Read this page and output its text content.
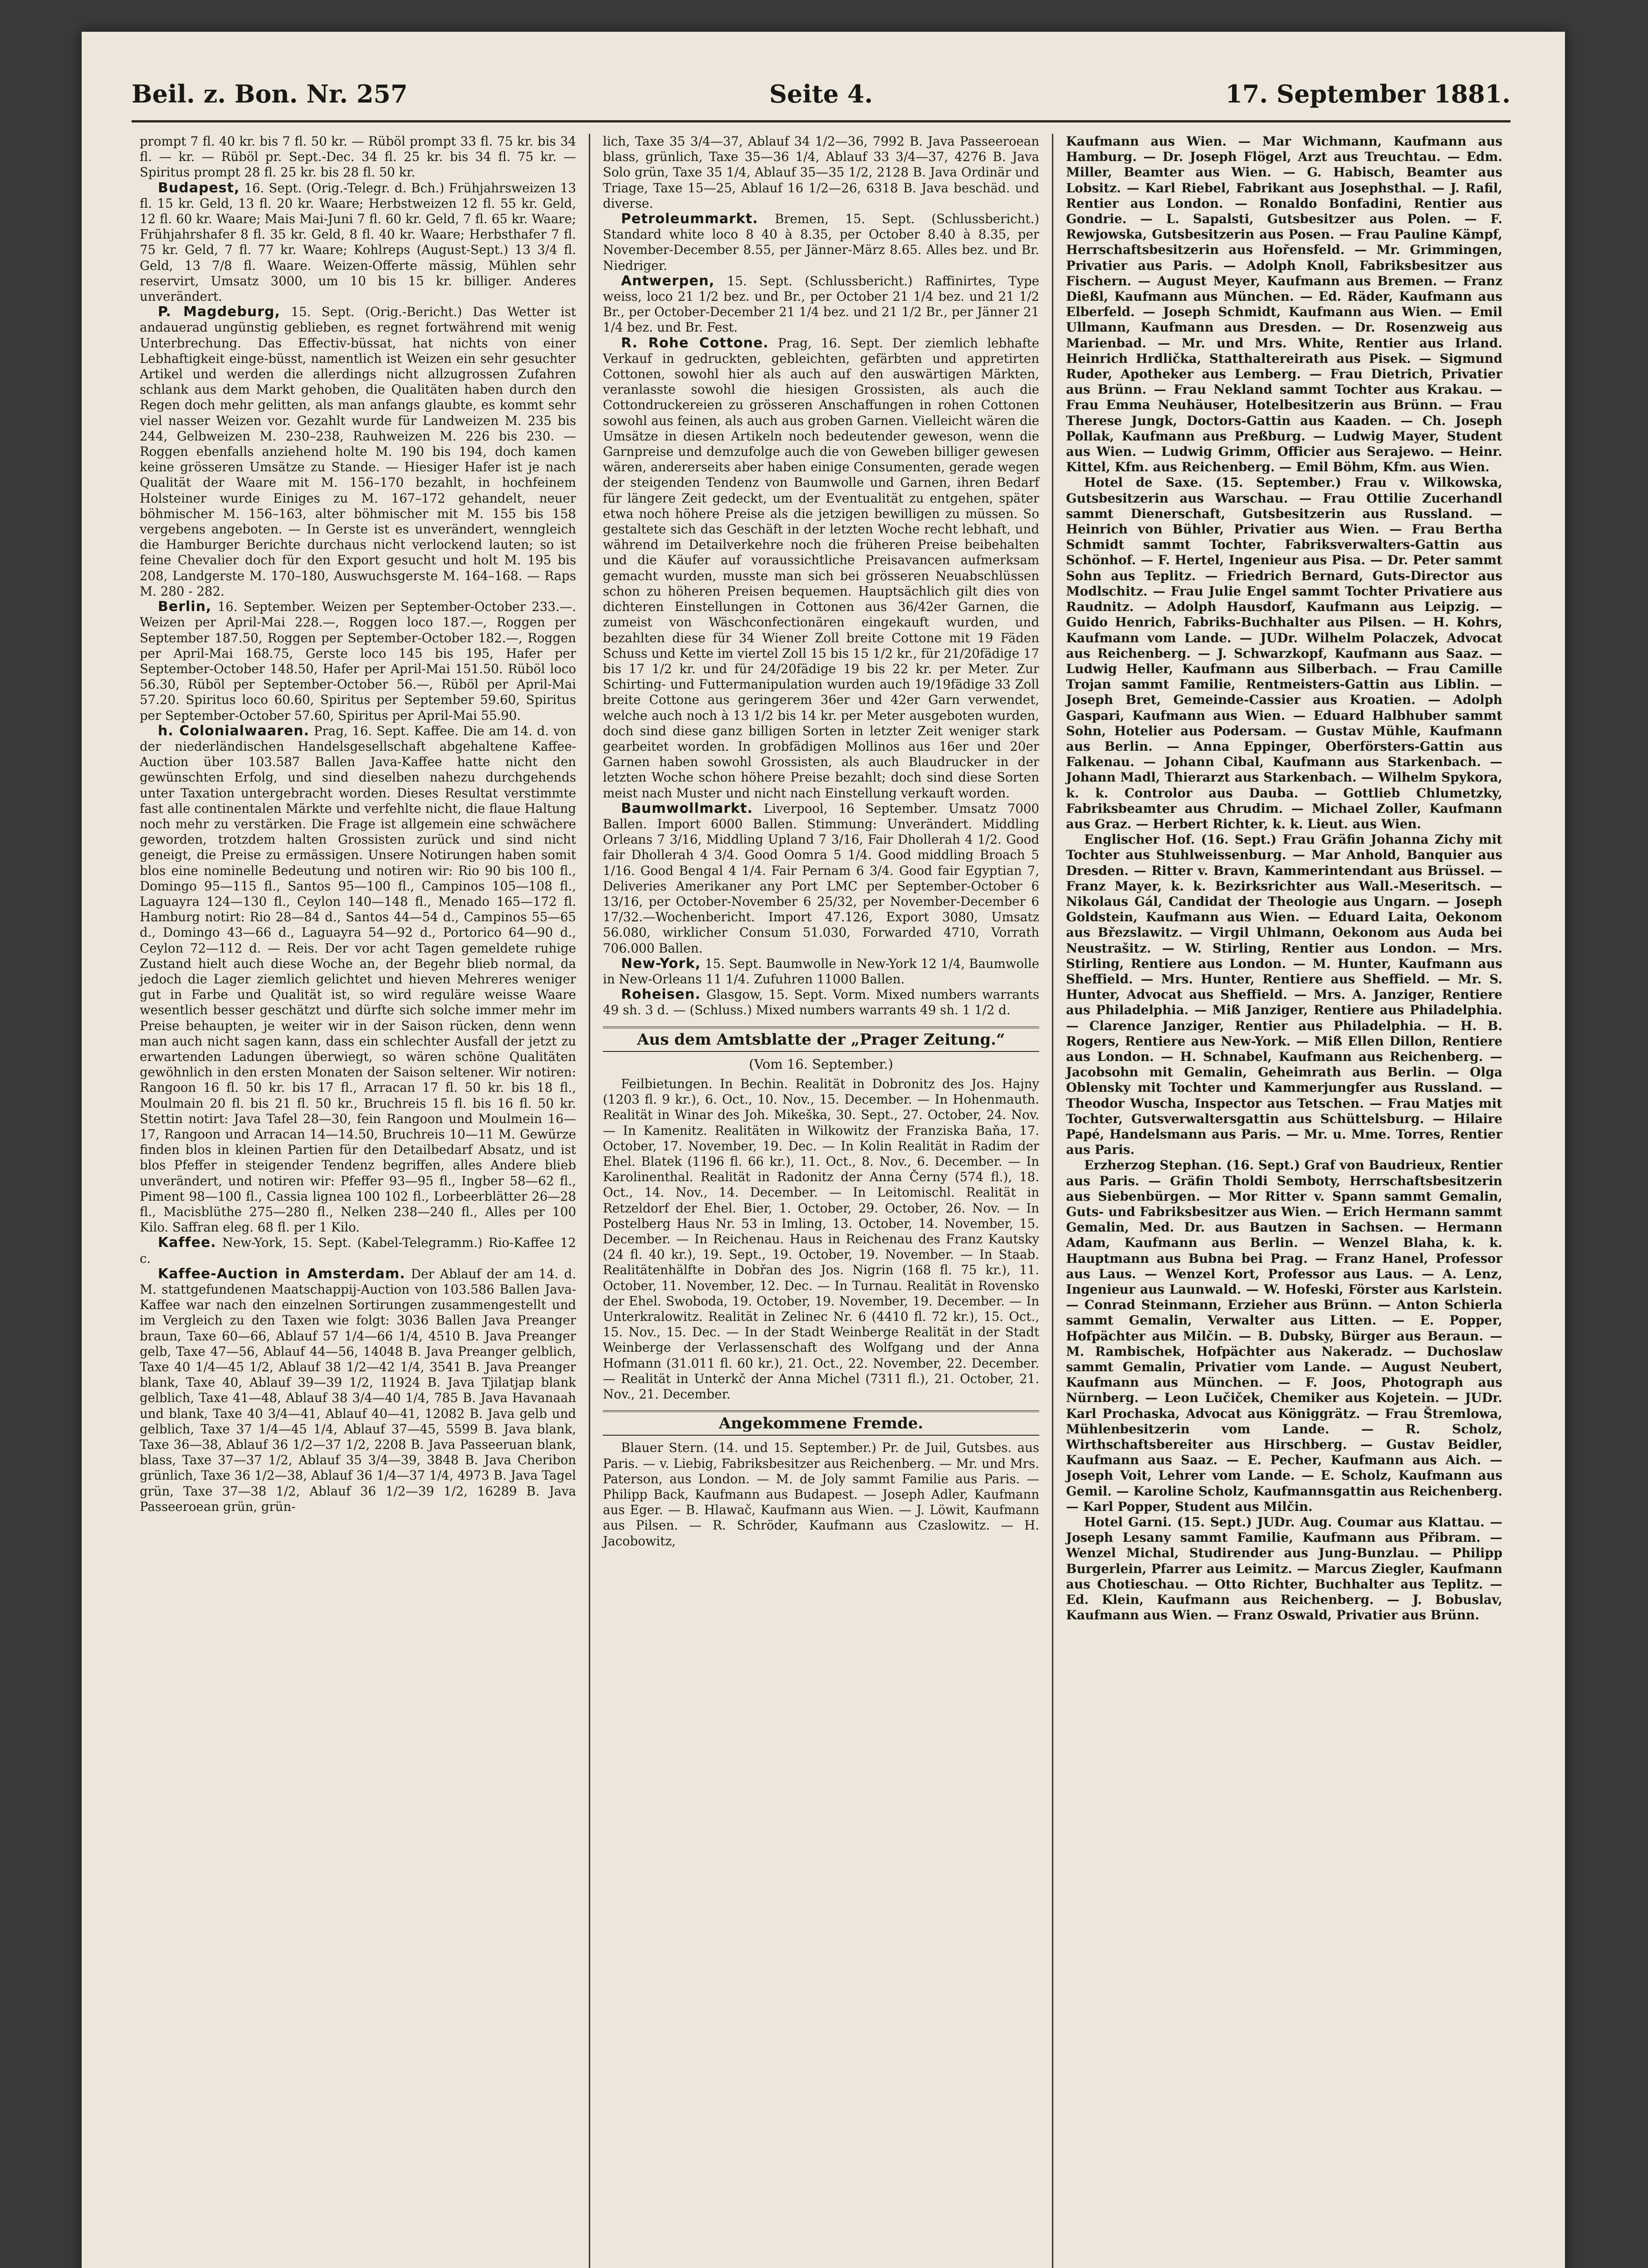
Beil. z. Bon. Nr. 257	Seite 4.	17. September 1881.

prompt 7 fl. 40 kr. bis 7 fl. 50 kr. — Rüböl prompt 33 fl. 75 kr. bis 34 fl. — kr. — Rüböl pr. Sept.-Dec. 34 fl. 25 kr. bis 34 fl. 75 kr. — Spiritus prompt 28 fl. 25 kr. bis 28 fl. 50 kr.

Budapest, 16. Sept. (Orig.-Telegr. d. Bch.) Frühjahrsweizen 13 fl. 15 kr. Geld, 13 fl. 20 kr. Waare; Herbstweizen 12 fl. 55 kr. Geld, 12 fl. 60 kr. Waare; Mais Mai-Juni 7 fl. 60 kr. Geld, 7 fl. 65 kr. Waare; Frühjahrshafer 8 fl. 35 kr. Geld, 8 fl. 40 kr. Waare; Herbsthafer 7 fl. 75 kr. Geld, 7 fl. 77 kr. Waare; Kohlreps (August-Sept.) 13 3/4 fl. Geld, 13 7/8 fl. Waare. Weizen-Offerte mässig, Mühlen sehr reservirt, Umsatz 3000, um 10 bis 15 kr. billiger. Anderes unverändert.

P. Magdeburg, 15. Sept. (Orig.-Bericht.) Das Wetter ist andauerad ungünstig geblieben, es regnet fortwährend mit wenig Unterbrechung. Das Effectiv-büssat, hat nichts von einer Lebhaftigkeit einge-büsst, namentlich ist Weizen ein sehr gesuchter Artikel und werden die allerdings nicht allzugrossen Zufahren schlank aus dem Markt gehoben, die Qualitäten haben durch den Regen doch mehr gelitten, als man anfangs glaubte, es kommt sehr viel nasser Weizen vor. Gezahlt wurde für Landweizen M. 235 bis 244, Gelbweizen M. 230–238, Rauhweizen M. 226 bis 230. — Roggen ebenfalls anziehend holte M. 190 bis 194, doch kamen keine grösseren Umsätze zu Stande. — Hiesiger Hafer ist je nach Qualität der Waare mit M. 156–170 bezahlt, in hochfeinem Holsteiner wurde Einiges zu M. 167–172 gehandelt, neuer böhmischer M. 156–163, alter böhmischer mit M. 155 bis 158 vergebens angeboten. — In Gerste ist es unverändert, wenngleich die Hamburger Berichte durchaus nicht verlockend lauten; so ist feine Chevalier doch für den Export gesucht und holt M. 195 bis 208, Landgerste M. 170–180, Auswuchsgerste M. 164–168. — Raps M. 280 - 282.

Berlin, 16. September. Weizen per September-October 233.—. Weizen per April-Mai 228.—, Roggen loco 187.—, Roggen per September 187.50, Roggen per September-October 182.—, Roggen per April-Mai 168.75, Gerste loco 145 bis 195, Hafer per September-October 148.50, Hafer per April-Mai 151.50. Rüböl loco 56.30, Rüböl per September-October 56.—, Rüböl per April-Mai 57.20. Spiritus loco 60.60, Spiritus per September 59.60, Spiritus per September-October 57.60, Spiritus per April-Mai 55.90.

h. Colonialwaaren. Prag, 16. Sept. Kaffee. Die am 14. d. von der niederländischen Handelsgesellschaft abgehaltene Kaffee-Auction über 103.587 Ballen Java-Kaffee hatte nicht den gewünschten Erfolg, und sind dieselben nahezu durchgehends unter Taxation untergebracht worden. Dieses Resultat verstimmte fast alle continentalen Märkte und verfehlte nicht, die flaue Haltung noch mehr zu verstärken. Die Frage ist allgemein eine schwächere geworden, trotzdem halten Grossisten zurück und sind nicht geneigt, die Preise zu ermässigen. Unsere Notirungen haben somit blos eine nominelle Bedeutung und notiren wir: Rio 90 bis 100 fl., Domingo 95—115 fl., Santos 95—100 fl., Campinos 105—108 fl., Laguayra 124—130 fl., Ceylon 140—148 fl., Menado 165—172 fl. Hamburg notirt: Rio 28—84 d., Santos 44—54 d., Campinos 55—65 d., Domingo 43—66 d., Laguayra 54—92 d., Portorico 64—90 d., Ceylon 72—112 d. — Reis. Der vor acht Tagen gemeldete ruhige Zustand hielt auch diese Woche an, der Begehr blieb normal, da jedoch die Lager ziemlich gelichtet und hieven Mehreres weniger gut in Farbe und Qualität ist, so wird reguläre weisse Waare wesentlich besser geschätzt und dürfte sich solche immer mehr im Preise behaupten, je weiter wir in der Saison rücken, denn wenn man auch nicht sagen kann, dass ein schlechter Ausfall der jetzt zu erwartenden Ladungen überwiegt, so wären schöne Qualitäten gewöhnlich in den ersten Monaten der Saison seltener. Wir notiren: Rangoon 16 fl. 50 kr. bis 17 fl., Arracan 17 fl. 50 kr. bis 18 fl., Moulmain 20 fl. bis 21 fl. 50 kr., Bruchreis 15 fl. bis 16 fl. 50 kr. Stettin notirt: Java Tafel 28—30, fein Rangoon und Moulmein 16—17, Rangoon und Arracan 14—14.50, Bruchreis 10—11 M. Gewürze finden blos in kleinen Partien für den Detailbedarf Absatz, und ist blos Pfeffer in steigender Tendenz begriffen, alles Andere blieb unverändert, und notiren wir: Pfeffer 93—95 fl., Ingber 58—62 fl., Piment 98—100 fl., Cassia lignea 100 102 fl., Lorbeerblätter 26—28 fl., Macisblüthe 275—280 fl., Nelken 238—240 fl., Alles per 100 Kilo. Saffran eleg. 68 fl. per 1 Kilo.

Kaffee. New-York, 15. Sept. (Kabel-Telegramm.) Rio-Kaffee 12 c.

Kaffee-Auction in Amsterdam. Der Ablauf der am 14. d. M. stattgefundenen Maatschappij-Auction von 103.586 Ballen Java-Kaffee war nach den einzelnen Sortirungen zusammengestellt und im Vergleich zu den Taxen wie folgt: 3036 Ballen Java Preanger braun, Taxe 60—66, Ablauf 57 1/4—66 1/4, 4510 B. Java Preanger gelb, Taxe 47—56, Ablauf 44—56, 14048 B. Java Preanger gelblich, Taxe 40 1/4—45 1/2, Ablauf 38 1/2—42 1/4, 3541 B. Java Preanger blank, Taxe 40, Ablauf 39—39 1/2, 11924 B. Java Tjilatjap blank gelblich, Taxe 41—48, Ablauf 38 3/4—40 1/4, 785 B. Java Havanaah und blank, Taxe 40 3/4—41, Ablauf 40—41, 12082 B. Java gelb und gelblich, Taxe 37 1/4—45 1/4, Ablauf 37—45, 5599 B. Java blank, Taxe 36—38, Ablauf 36 1/2—37 1/2, 2208 B. Java Passeeruan blank, blass, Taxe 37—37 1/2, Ablauf 35 3/4—39, 3848 B. Java Cheribon grünlich, Taxe 36 1/2—38, Ablauf 36 1/4—37 1/4, 4973 B. Java Tagel grün, Taxe 37—38 1/2, Ablauf 36 1/2—39 1/2, 16289 B. Java Passeeroean grün, grün-

lich, Taxe 35 3/4—37, Ablauf 34 1/2—36, 7992 B. Java Passeeroean blass, grünlich, Taxe 35—36 1/4, Ablauf 33 3/4—37, 4276 B. Java Solo grün, Taxe 35 1/4, Ablauf 35—35 1/2, 2128 B. Java Ordinär und Triage, Taxe 15—25, Ablauf 16 1/2—26, 6318 B. Java beschäd. und diverse.

Petroleummarkt. Bremen, 15. Sept. (Schlussbericht.) Standard white loco 8 40 à 8.35, per October 8.40 à 8.35, per November-December 8.55, per Jänner-März 8.65. Alles bez. und Br. Niedriger.

Antwerpen, 15. Sept. (Schlussbericht.) Raffinirtes, Type weiss, loco 21 1/2 bez. und Br., per October 21 1/4 bez. und 21 1/2 Br., per October-December 21 1/4 bez. und 21 1/2 Br., per Jänner 21 1/4 bez. und Br. Fest.

R. Rohe Cottone. Prag, 16. Sept. Der ziemlich lebhafte Verkauf in gedruckten, gebleichten, gefärbten und appretirten Cottonen, sowohl hier als auch auf den auswärtigen Märkten, veranlasste sowohl die hiesigen Grossisten, als auch die Cottondruckereien zu grösseren Anschaffungen in rohen Cottonen sowohl aus feinen, als auch aus groben Garnen. Vielleicht wären die Umsätze in diesen Artikeln noch bedeutender geweson, wenn die Garnpreise und demzufolge auch die von Geweben billiger gewesen wären, andererseits aber haben einige Consumenten, gerade wegen der steigenden Tendenz von Baumwolle und Garnen, ihren Bedarf für längere Zeit gedeckt, um der Eventualität zu entgehen, später etwa noch höhere Preise als die jetzigen bewilligen zu müssen. So gestaltete sich das Geschäft in der letzten Woche recht lebhaft, und während im Detailverkehre noch die früheren Preise beibehalten und die Käufer auf voraussichtliche Preisavancen aufmerksam gemacht wurden, musste man sich bei grösseren Neuabschlüssen schon zu höheren Preisen bequemen. Hauptsächlich gilt dies von dichteren Einstellungen in Cottonen aus 36/42er Garnen, die zumeist von Wäschconfectionären eingekauft wurden, und bezahlten diese für 34 Wiener Zoll breite Cottone mit 19 Fäden Schuss und Kette im viertel Zoll 15 bis 15 1/2 kr., für 21/20fädige 17 bis 17 1/2 kr. und für 24/20fädige 19 bis 22 kr. per Meter. Zur Schirting- und Futtermanipulation wurden auch 19/19fädige 33 Zoll breite Cottone aus geringerem 36er und 42er Garn verwendet, welche auch noch à 13 1/2 bis 14 kr. per Meter ausgeboten wurden, doch sind diese ganz billigen Sorten in letzter Zeit weniger stark gearbeitet worden. In grobfädigen Mollinos aus 16er und 20er Garnen haben sowohl Grossisten, als auch Blaudrucker in der letzten Woche schon höhere Preise bezahlt; doch sind diese Sorten meist nach Muster und nicht nach Einstellung verkauft worden.

Baumwollmarkt. Liverpool, 16 September. Umsatz 7000 Ballen. Import 6000 Ballen. Stimmung: Unverändert. Middling Orleans 7 3/16, Middling Upland 7 3/16, Fair Dhollerah 4 1/2. Good fair Dhollerah 4 3/4. Good Oomra 5 1/4. Good middling Broach 5 1/16. Good Bengal 4 1/4. Fair Pernam 6 3/4. Good fair Egyptian 7, Deliveries Amerikaner any Port LMC per September-October 6 13/16, per October-November 6 25/32, per November-December 6 17/32.—Wochenbericht. Import 47.126, Export 3080, Umsatz 56.080, wirklicher Consum 51.030, Forwarded 4710, Vorrath 706.000 Ballen.

New-York, 15. Sept. Baumwolle in New-York 12 1/4, Baumwolle in New-Orleans 11 1/4. Zufuhren 11000 Ballen.

Roheisen. Glasgow, 15. Sept. Vorm. Mixed numbers warrants 49 sh. 3 d. — (Schluss.) Mixed numbers warrants 49 sh. 1 1/2 d.

Aus dem Amtsblatte der „Prager Zeitung.“
(Vom 16. September.)

Feilbietungen. In Bechin. Realität in Dobronitz des Jos. Hajny (1203 fl. 9 kr.), 6. Oct., 10. Nov., 15. December. — In Hohenmauth. Realität in Winar des Joh. Mikeška, 30. Sept., 27. October, 24. Nov. — In Kamenitz. Realitäten in Wilkowitz der Franziska Baňa, 17. October, 17. November, 19. Dec. — In Kolin Realität in Radim der Ehel. Blatek (1196 fl. 66 kr.), 11. Oct., 8. Nov., 6. December. — In Karolinenthal. Realität in Radonitz der Anna Černy (574 fl.), 18. Oct., 14. Nov., 14. December. — In Leitomischl. Realität in Retzeldorf der Ehel. Bier, 1. October, 29. October, 26. Nov. — In Postelberg Haus Nr. 53 in Imling, 13. October, 14. November, 15. December. — In Reichenau. Haus in Reichenau des Franz Kautsky (24 fl. 40 kr.), 19. Sept., 19. October, 19. November. — In Staab. Realitätenhälfte in Dobřan des Jos. Nigrin (168 fl. 75 kr.), 11. October, 11. November, 12. Dec. — In Turnau. Realität in Rovensko der Ehel. Swoboda, 19. October, 19. November, 19. December. — In Unterkralowitz. Realität in Zelinec Nr. 6 (4410 fl. 72 kr.), 15. Oct., 15. Nov., 15. Dec. — In der Stadt Weinberge Realität in der Stadt Weinberge der Verlassenschaft des Wolfgang und der Anna Hofmann (31.011 fl. 60 kr.), 21. Oct., 22. November, 22. December. — Realität in Unterkč der Anna Michel (7311 fl.), 21. October, 21. Nov., 21. December.

Angekommene Fremde.

Blauer Stern. (14. und 15. September.) Pr. de Juil, Gutsbes. aus Paris. — v. Liebig, Fabriksbesitzer aus Reichenberg. — Mr. und Mrs. Paterson, aus London. — M. de Joly sammt Familie aus Paris. — Philipp Back, Kaufmann aus Budapest. — Joseph Adler, Kaufmann aus Eger. — B. Hlawač, Kaufmann aus Wien. — J. Löwit, Kaufmann aus Pilsen. — R. Schröder, Kaufmann aus Czaslowitz. — H. Jacobowitz,

Kaufmann aus Wien. — Mar Wichmann, Kaufmann aus Hamburg. — Dr. Joseph Flögel, Arzt aus Treuchtau. — Edm. Miller, Beamter aus Wien. — G. Habisch, Beamter aus Lobsitz. — Karl Riebel, Fabrikant aus Josephsthal. — J. Rafil, Rentier aus London. — Ronaldo Bonfadini, Rentier aus Gondrie. — L. Sapalsti, Gutsbesitzer aus Polen. — F. Rewjowska, Gutsbesitzerin aus Posen. — Frau Pauline Kämpf, Herrschaftsbesitzerin aus Hořensfeld. — Mr. Grimmingen, Privatier aus Paris. — Adolph Knoll, Fabriksbesitzer aus Fischern. — August Meyer, Kaufmann aus Bremen. — Franz Dießl, Kaufmann aus München. — Ed. Räder, Kaufmann aus Elberfeld. — Joseph Schmidt, Kaufmann aus Wien. — Emil Ullmann, Kaufmann aus Dresden. — Dr. Rosenzweig aus Marienbad. — Mr. und Mrs. White, Rentier aus Irland. Heinrich Hrdlička, Statthaltereirath aus Pisek. — Sigmund Ruder, Apotheker aus Lemberg. — Frau Dietrich, Privatier aus Brünn. — Frau Nekland sammt Tochter aus Krakau. — Frau Emma Neuhäuser, Hotelbesitzerin aus Brünn. — Frau Therese Jungk, Doctors-Gattin aus Kaaden. — Ch. Joseph Pollak, Kaufmann aus Preßburg. — Ludwig Mayer, Student aus Wien. — Ludwig Grimm, Officier aus Serajewo. — Heinr. Kittel, Kfm. aus Reichenberg. — Emil Böhm, Kfm. aus Wien.

Hotel de Saxe. (15. September.) Frau v. Wilkowska, Gutsbesitzerin aus Warschau. — Frau Ottilie Zucerhandl sammt Dienerschaft, Gutsbesitzerin aus Russland. — Heinrich von Bühler, Privatier aus Wien. — Frau Bertha Schmidt sammt Tochter, Fabriksverwalters-Gattin aus Schönhof. — F. Hertel, Ingenieur aus Pisa. — Dr. Peter sammt Sohn aus Teplitz. — Friedrich Bernard, Guts-Director aus Modlschitz. — Frau Julie Engel sammt Tochter Privatiere aus Raudnitz. — Adolph Hausdorf, Kaufmann aus Leipzig. — Guido Henrich, Fabriks-Buchhalter aus Pilsen. — H. Kohrs, Kaufmann vom Lande. — JUDr. Wilhelm Polaczek, Advocat aus Reichenberg. — J. Schwarzkopf, Kaufmann aus Saaz. — Ludwig Heller, Kaufmann aus Silberbach. — Frau Camille Trojan sammt Familie, Rentmeisters-Gattin aus Liblin. — Joseph Bret, Gemeinde-Cassier aus Kroatien. — Adolph Gaspari, Kaufmann aus Wien. — Eduard Halbhuber sammt Sohn, Hotelier aus Podersam. — Gustav Mühle, Kaufmann aus Berlin. — Anna Eppinger, Oberförsters-Gattin aus Falkenau. — Johann Cibal, Kaufmann aus Starkenbach. — Johann Madl, Thierarzt aus Starkenbach. — Wilhelm Spykora, k. k. Controlor aus Dauba. — Gottlieb Chlumetzky, Fabriksbeamter aus Chrudim. — Michael Zoller, Kaufmann aus Graz. — Herbert Richter, k. k. Lieut. aus Wien.

Englischer Hof. (16. Sept.) Frau Gräfin Johanna Zichy mit Tochter aus Stuhlweissenburg. — Mar Anhold, Banquier aus Dresden. — Ritter v. Bravn, Kammerintendant aus Brüssel. — Franz Mayer, k. k. Bezirksrichter aus Wall.-Meseritsch. — Nikolaus Gál, Candidat der Theologie aus Ungarn. — Joseph Goldstein, Kaufmann aus Wien. — Eduard Laita, Oekonom aus Březslawitz. — Virgil Uhlmann, Oekonom aus Auda bei Neustrašitz. — W. Stirling, Rentier aus London. — Mrs. Stirling, Rentiere aus London. — M. Hunter, Kaufmann aus Sheffield. — Mrs. Hunter, Rentiere aus Sheffield. — Mr. S. Hunter, Advocat aus Sheffield. — Mrs. A. Janziger, Rentiere aus Philadelphia. — Miß Janziger, Rentiere aus Philadelphia. — Clarence Janziger, Rentier aus Philadelphia. — H. B. Rogers, Rentiere aus New-York. — Miß Ellen Dillon, Rentiere aus London. — H. Schnabel, Kaufmann aus Reichenberg. — Jacobsohn mit Gemalin, Geheimrath aus Berlin. — Olga Oblensky mit Tochter und Kammerjungfer aus Russland. — Theodor Wuscha, Inspector aus Tetschen. — Frau Matjes mit Tochter, Gutsverwaltersgattin aus Schüttelsburg. — Hilaire Papé, Handelsmann aus Paris. — Mr. u. Mme. Torres, Rentier aus Paris.

Erzherzog Stephan. (16. Sept.) Graf von Baudrieux, Rentier aus Paris. — Gräfin Tholdi Semboty, Herrschaftsbesitzerin aus Siebenbürgen. — Mor Ritter v. Spann sammt Gemalin, Guts- und Fabriksbesitzer aus Wien. — Erich Hermann sammt Gemalin, Med. Dr. aus Bautzen in Sachsen. — Hermann Adam, Kaufmann aus Berlin. — Wenzel Blaha, k. k. Hauptmann aus Bubna bei Prag. — Franz Hanel, Professor aus Laus. — Wenzel Kort, Professor aus Laus. — A. Lenz, Ingenieur aus Launwald. — W. Hofeski, Förster aus Karlstein. — Conrad Steinmann, Erzieher aus Brünn. — Anton Schierla sammt Gemalin, Verwalter aus Litten. — E. Popper, Hofpächter aus Milčin. — B. Dubsky, Bürger aus Beraun. — M. Rambischek, Hofpächter aus Nakeradz. — Duchoslaw sammt Gemalin, Privatier vom Lande. — August Neubert, Kaufmann aus München. — F. Joos, Photograph aus Nürnberg. — Leon Lučiček, Chemiker aus Kojetein. — JUDr. Karl Prochaska, Advocat aus Königgrätz. — Frau Štremlowa, Mühlenbesitzerin vom Lande. — R. Scholz, Wirthschaftsbereiter aus Hirschberg. — Gustav Beidler, Kaufmann aus Saaz. — E. Pecher, Kaufmann aus Aich. — Joseph Voit, Lehrer vom Lande. — E. Scholz, Kaufmann aus Gemil. — Karoline Scholz, Kaufmannsgattin aus Reichenberg. — Karl Popper, Student aus Milčin.

Hotel Garni. (15. Sept.) JUDr. Aug. Coumar aus Klattau. — Joseph Lesany sammt Familie, Kaufmann aus Přibram. — Wenzel Michal, Studirender aus Jung-Bunzlau. — Philipp Burgerlein, Pfarrer aus Leimitz. — Marcus Ziegler, Kaufmann aus Chotieschau. — Otto Richter, Buchhalter aus Teplitz. — Ed. Klein, Kaufmann aus Reichenberg. — J. Bobuslav, Kaufmann aus Wien. — Franz Oswald, Privatier aus Brünn.
